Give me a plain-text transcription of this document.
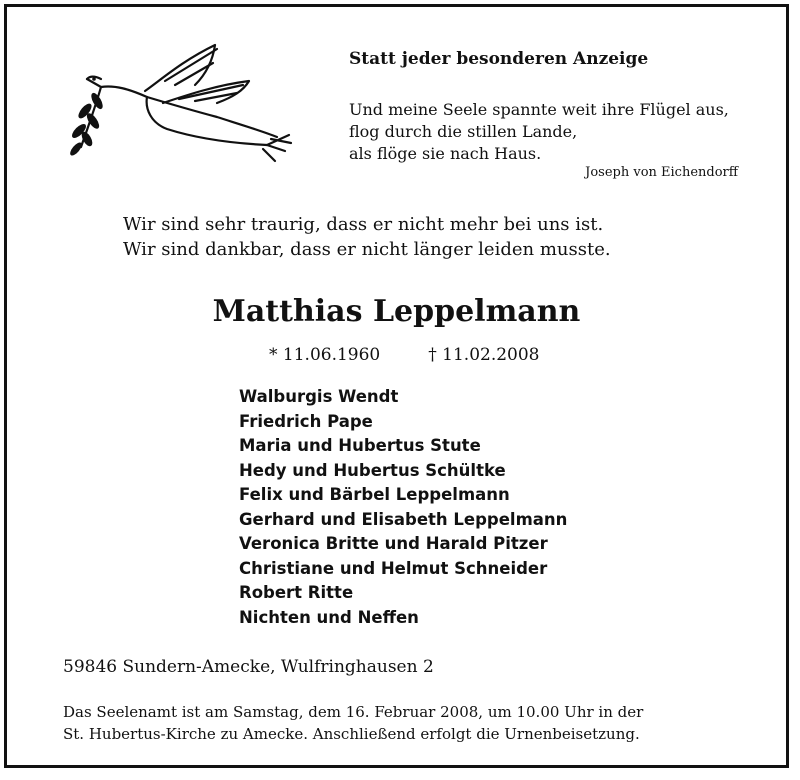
Statt jeder besonderen Anzeige
Und meine Seele spannte weit ihre Flügel aus,
flog durch die stillen Lande,
als flöge sie nach Haus.
Joseph von Eichendorff
Wir sind sehr traurig, dass er nicht mehr bei uns ist.
Wir sind dankbar, dass er nicht länger leiden musste.
Matthias Leppelmann
* 11.06.1960	† 11.02.2008
Walburgis Wendt
Friedrich Pape
Maria und Hubertus Stute
Hedy und Hubertus Schültke
Felix und Bärbel Leppelmann
Gerhard und Elisabeth Leppelmann
Veronica Britte und Harald Pitzer
Christiane und Helmut Schneider
Robert Ritte
Nichten und Neffen
59846 Sundern-Amecke, Wulfringhausen 2
Das Seelenamt ist am Samstag, dem 16. Februar 2008, um 10.00 Uhr in der
St. Hubertus-Kirche zu Amecke. Anschließend erfolgt die Urnenbeisetzung.
